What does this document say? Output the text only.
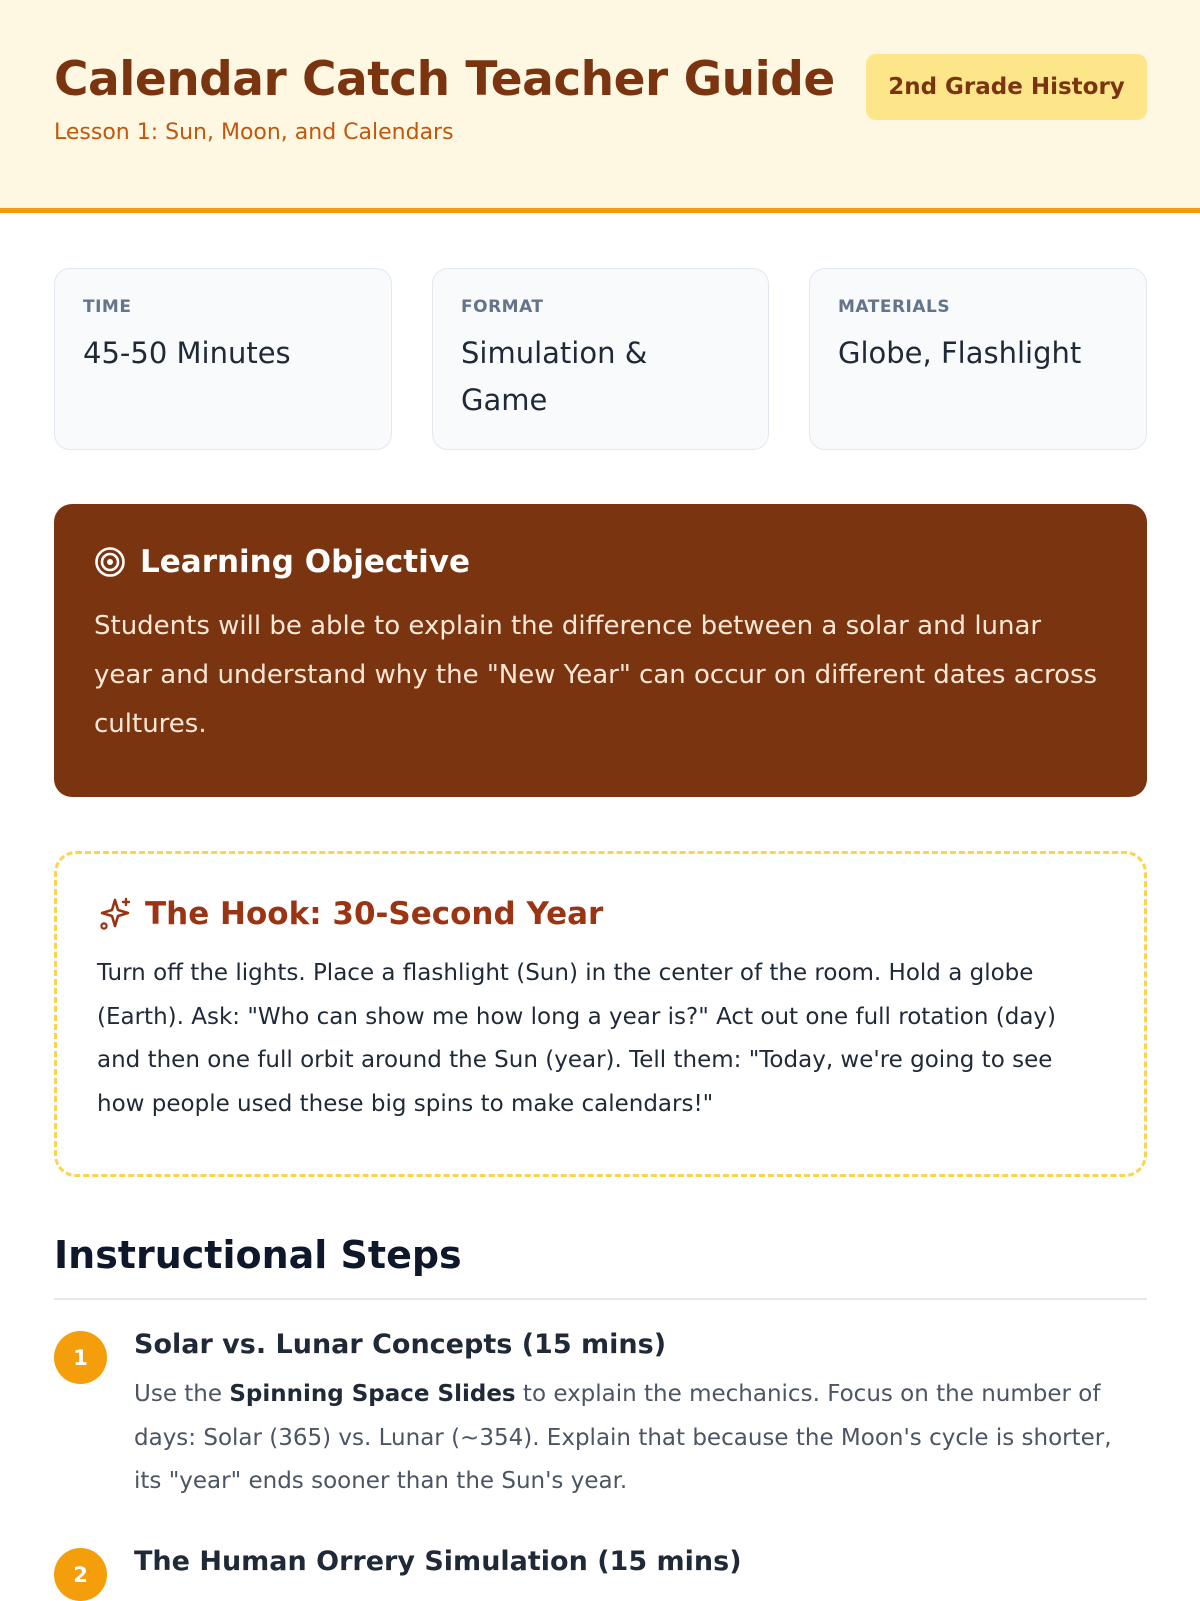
Calendar Catch Teacher Guide
Lesson 1: Sun, Moon, and Calendars
2nd Grade History
TIME
45-50 Minutes
FORMAT
Simulation & Game
MATERIALS
Globe, Flashlight
Learning Objective
Students will be able to explain the difference between a solar and lunar year and understand why the "New Year" can occur on different dates across cultures.
The Hook: 30-Second Year
Turn off the lights. Place a flashlight (Sun) in the center of the room. Hold a globe (Earth). Ask: "Who can show me how long a year is?" Act out one full rotation (day) and then one full orbit around the Sun (year). Tell them: "Today, we're going to see how people used these big spins to make calendars!"
Instructional Steps
1	Solar vs. Lunar Concepts (15 mins)
Use the Spinning Space Slides to explain the mechanics. Focus on the number of days: Solar (365) vs. Lunar (~354). Explain that because the Moon's cycle is shorter, its "year" ends sooner than the Sun's year.
2	The Human Orrery Simulation (15 mins)
